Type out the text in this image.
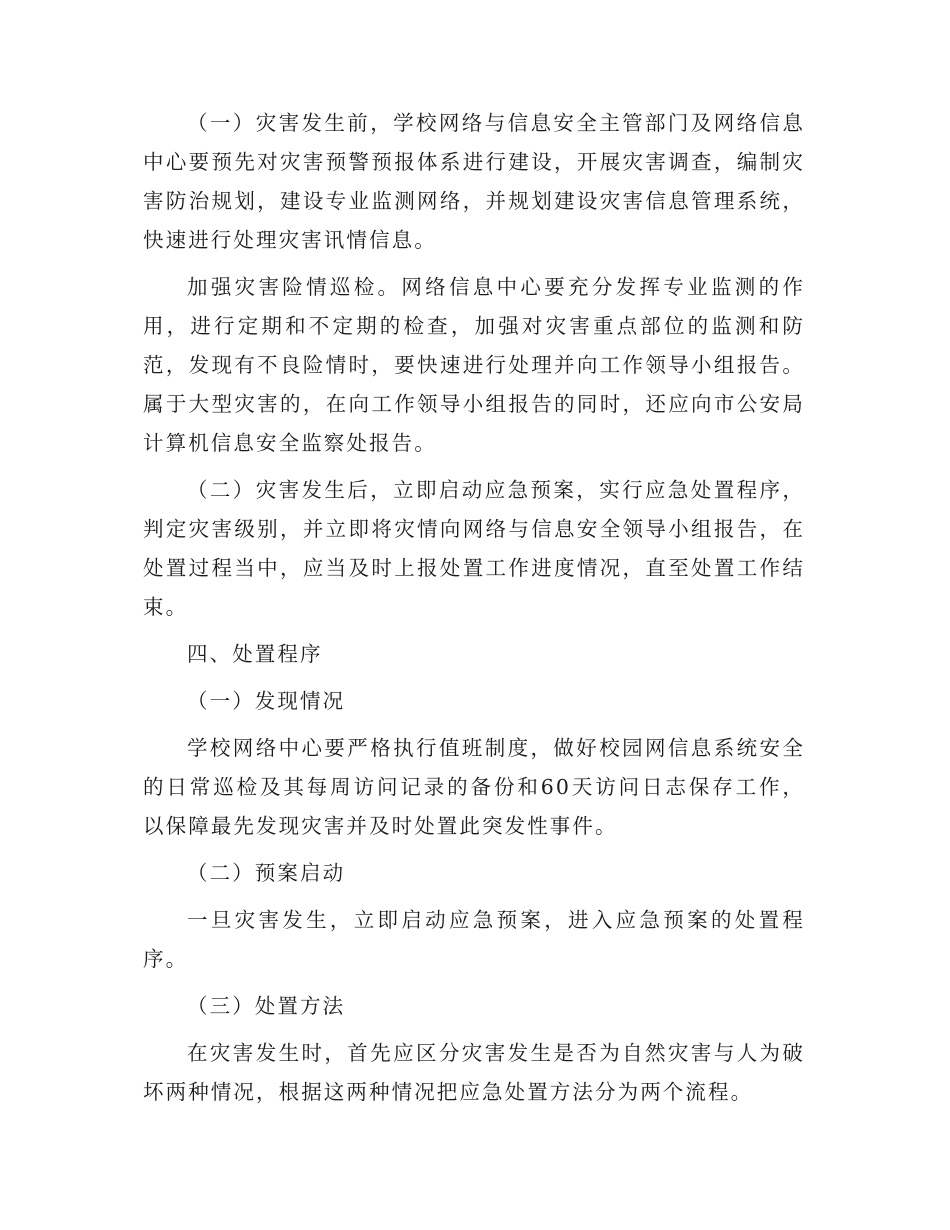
（一）灾害发生前，学校网络与信息安全主管部门及网络信息中心要预先对灾害预警预报体系进行建设，开展灾害调查，编制灾害防治规划，建设专业监测网络，并规划建设灾害信息管理系统，快速进行处理灾害讯情信息。

加强灾害险情巡检。网络信息中心要充分发挥专业监测的作用，进行定期和不定期的检查，加强对灾害重点部位的监测和防范，发现有不良险情时，要快速进行处理并向工作领导小组报告。属于大型灾害的，在向工作领导小组报告的同时，还应向市公安局计算机信息安全监察处报告。

（二）灾害发生后，立即启动应急预案，实行应急处置程序，判定灾害级别，并立即将灾情向网络与信息安全领导小组报告，在处置过程当中，应当及时上报处置工作进度情况，直至处置工作结束。

四、处置程序

（一）发现情况

学校网络中心要严格执行值班制度，做好校园网信息系统安全的日常巡检及其每周访问记录的备份和60天访问日志保存工作，以保障最先发现灾害并及时处置此突发性事件。

（二）预案启动

一旦灾害发生，立即启动应急预案，进入应急预案的处置程序。

（三）处置方法

在灾害发生时，首先应区分灾害发生是否为自然灾害与人为破坏两种情况，根据这两种情况把应急处置方法分为两个流程。
